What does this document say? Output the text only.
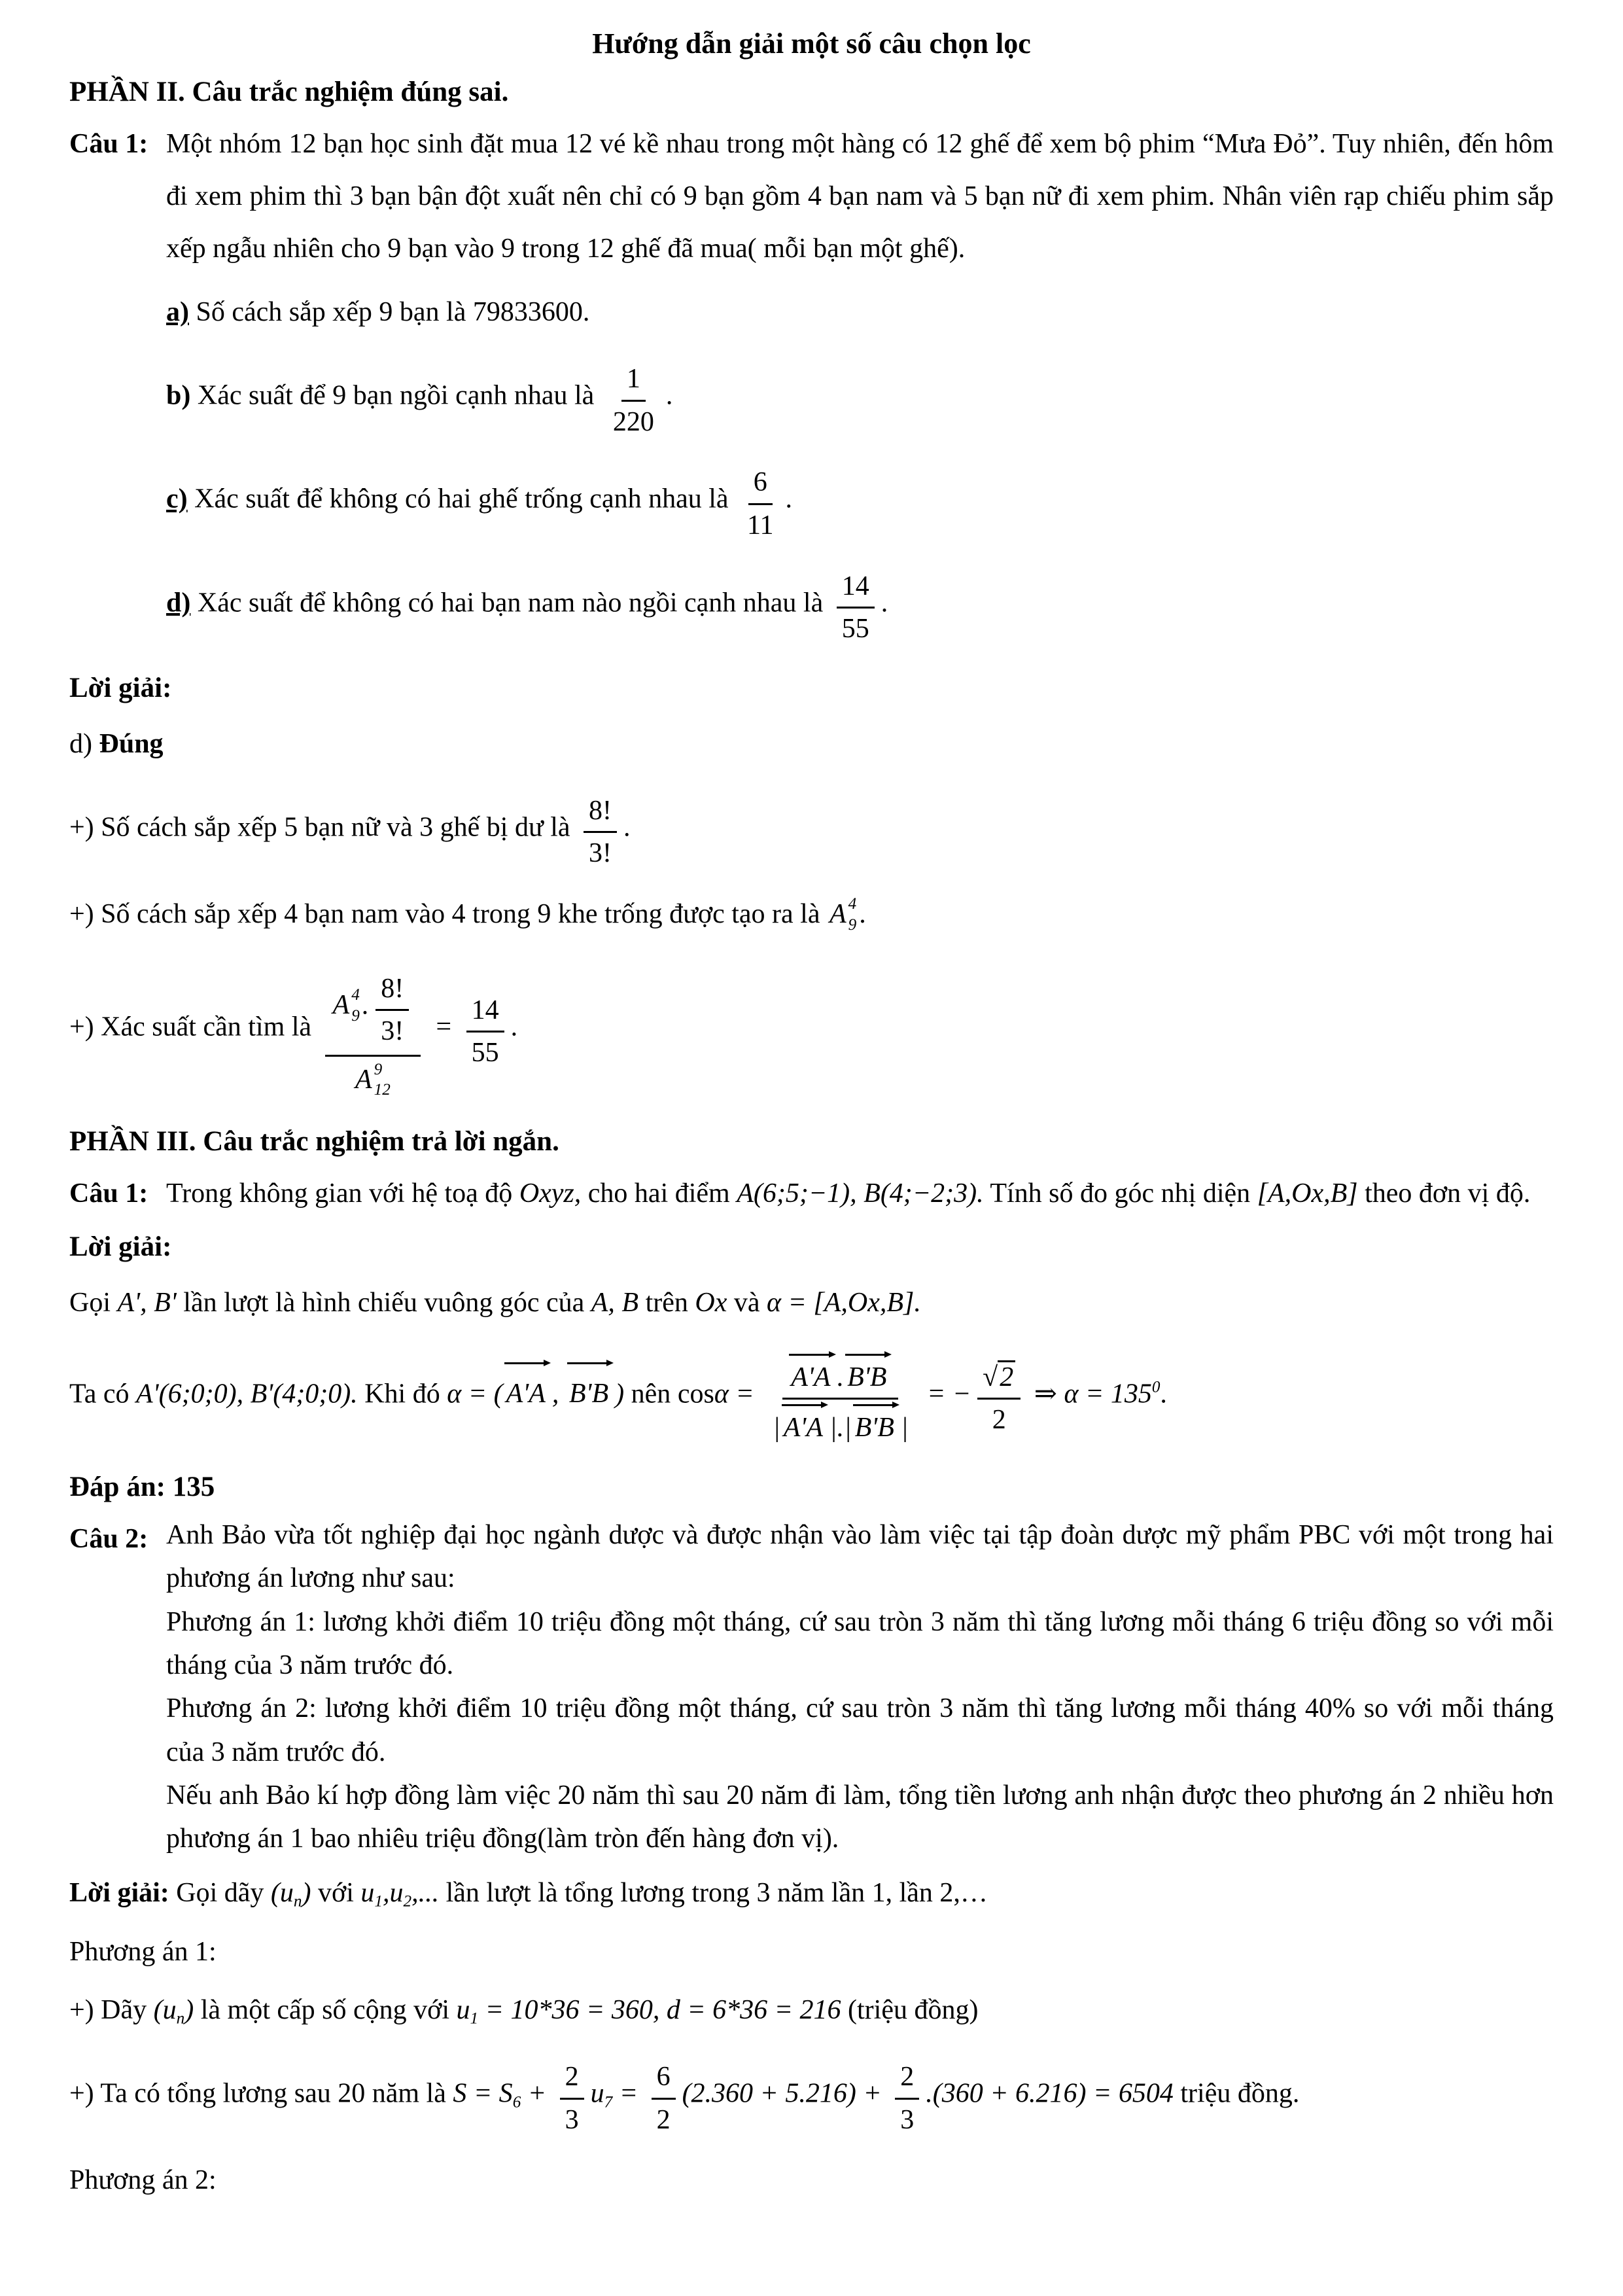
Hướng dẫn giải một số câu chọn lọc
PHẦN II. Câu trắc nghiệm đúng sai.
Câu 1: Một nhóm 12 bạn học sinh đặt mua 12 vé kề nhau trong một hàng có 12 ghế để xem bộ phim “Mưa Đỏ”. Tuy nhiên, đến hôm đi xem phim thì 3 bạn bận đột xuất nên chỉ có 9 bạn gồm 4 bạn nam và 5 bạn nữ đi xem phim. Nhân viên rạp chiếu phim sắp xếp ngẫu nhiên cho 9 bạn vào 9 trong 12 ghế đã mua( mỗi bạn một ghế).

a) Số cách sắp xếp 9 bạn là 79833600.

b) Xác suất để 9 bạn ngồi cạnh nhau là $\frac{1}{220}$ .

c) Xác suất để không có hai ghế trống cạnh nhau là $\frac{6}{11}$ .

d) Xác suất để không có hai bạn nam nào ngồi cạnh nhau là $\frac{14}{55}$ .

Lời giải:

d) Đúng

+) Số cách sắp xếp 5 bạn nữ và 3 ghế bị dư là $\frac{8!}{3!}$ .

+) Số cách sắp xếp 4 bạn nam vào 4 trong 9 khe trống được tạo ra là A 4
9 .

+) Xác suất cần tìm là A 4
9 . $\frac{8!}{3!}$
A 9
$12 = \frac{14}{55}$ .

PHẦN III. Câu trắc nghiệm trả lời ngắn.
Câu 1: Trong không gian với hệ toạ độ Oxyz, cho hai điểm A(6;5;−1), B(4;−2;3). Tính số đo góc nhị diện [A,Ox,B] theo đơn vị độ.

Lời giải:

Gọi A', B' lần lượt là hình chiếu vuông góc của A, B trên Ox và α = [A,Ox,B].

Ta có A'(6;0;0), B'(4;0;0). Khi đó α = ( A'A , B'B ) nên $\cos\alpha = \frac{A'A . B'B}{| A'A |.| B'B |}$ = − $\frac{√2}{2}$ ⇒ $\alpha = 135^0$.

Đáp án: 135

Câu 2: Anh Bảo vừa tốt nghiệp đại học ngành dược và được nhận vào làm việc tại tập đoàn dược mỹ phẩm PBC với một trong hai phương án lương như sau:

Phương án 1: lương khởi điểm 10 triệu đồng một tháng, cứ sau tròn 3 năm thì tăng lương mỗi tháng 6 triệu đồng so với mỗi tháng của 3 năm trước đó.

Phương án 2: lương khởi điểm 10 triệu đồng một tháng, cứ sau tròn 3 năm thì tăng lương mỗi tháng 40% so với mỗi tháng của 3 năm trước đó.

Nếu anh Bảo kí hợp đồng làm việc 20 năm thì sau 20 năm đi làm, tổng tiền lương anh nhận được theo phương án 2 nhiều hơn phương án 1 bao nhiêu triệu đồng(làm tròn đến hàng đơn vị).

Lời giải: Gọi dãy (un) với u1,u2,... lần lượt là tổng lương trong 3 năm lần 1, lần 2,…

Phương án 1:

+) Dãy (un) là một cấp số cộng với u1 = 10*36 = 360, d = 6*36 = 216 (triệu đồng)

+) Ta có tổng lương sau 20 năm là $S = S6 + \frac{2}{3} u7 = \frac{6}{2} (2.360 + 5.216) + \frac{2}{3} .(360 + 6.216) = 6504$ triệu đồng.

Phương án 2:
